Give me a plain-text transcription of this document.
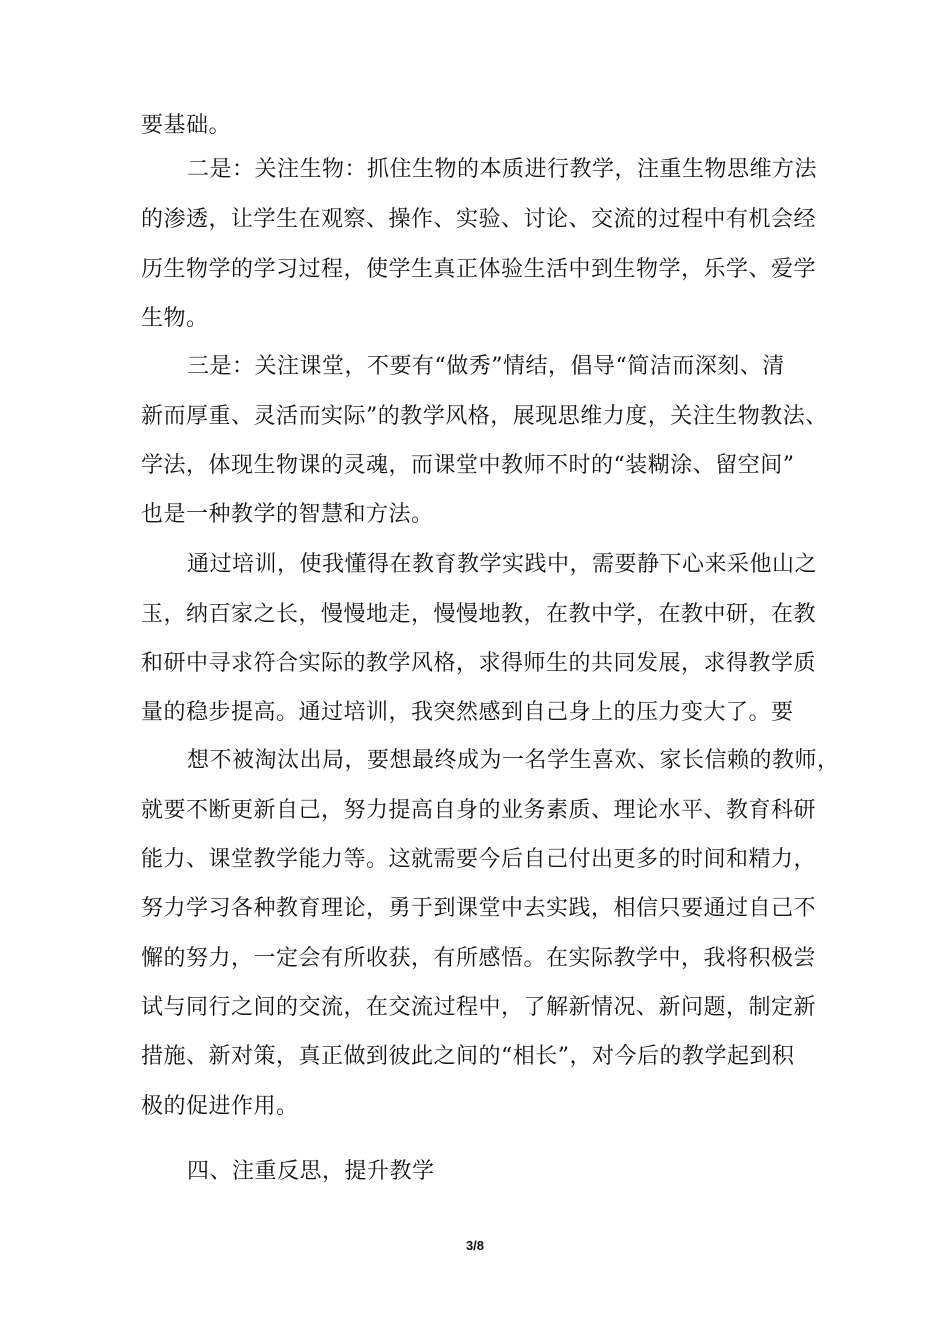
要基础。
二是：关注生物：抓住生物的本质进行教学，注重生物思维方法
的渗透，让学生在观察、操作、实验、讨论、交流的过程中有机会经
历生物学的学习过程，使学生真正体验生活中到生物学，乐学、爱学
生物。
三是：关注课堂，不要有“做秀”情结，倡导“简洁而深刻、清
新而厚重、灵活而实际”的教学风格，展现思维力度，关注生物教法、
学法，体现生物课的灵魂，而课堂中教师不时的“装糊涂、留空间”
也是一种教学的智慧和方法。
通过培训，使我懂得在教育教学实践中，需要静下心来采他山之
玉，纳百家之长，慢慢地走，慢慢地教，在教中学，在教中研，在教
和研中寻求符合实际的教学风格，求得师生的共同发展，求得教学质
量的稳步提高。通过培训，我突然感到自己身上的压力变大了。要
想不被淘汰出局，要想最终成为一名学生喜欢、家长信赖的教师，
就要不断更新自己，努力提高自身的业务素质、理论水平、教育科研
能力、课堂教学能力等。这就需要今后自己付出更多的时间和精力，
努力学习各种教育理论，勇于到课堂中去实践，相信只要通过自己不
懈的努力，一定会有所收获，有所感悟。在实际教学中，我将积极尝
试与同行之间的交流，在交流过程中，了解新情况、新问题，制定新
措施、新对策，真正做到彼此之间的“相长”，对今后的教学起到积
极的促进作用。
四、注重反思，提升教学
3/8
